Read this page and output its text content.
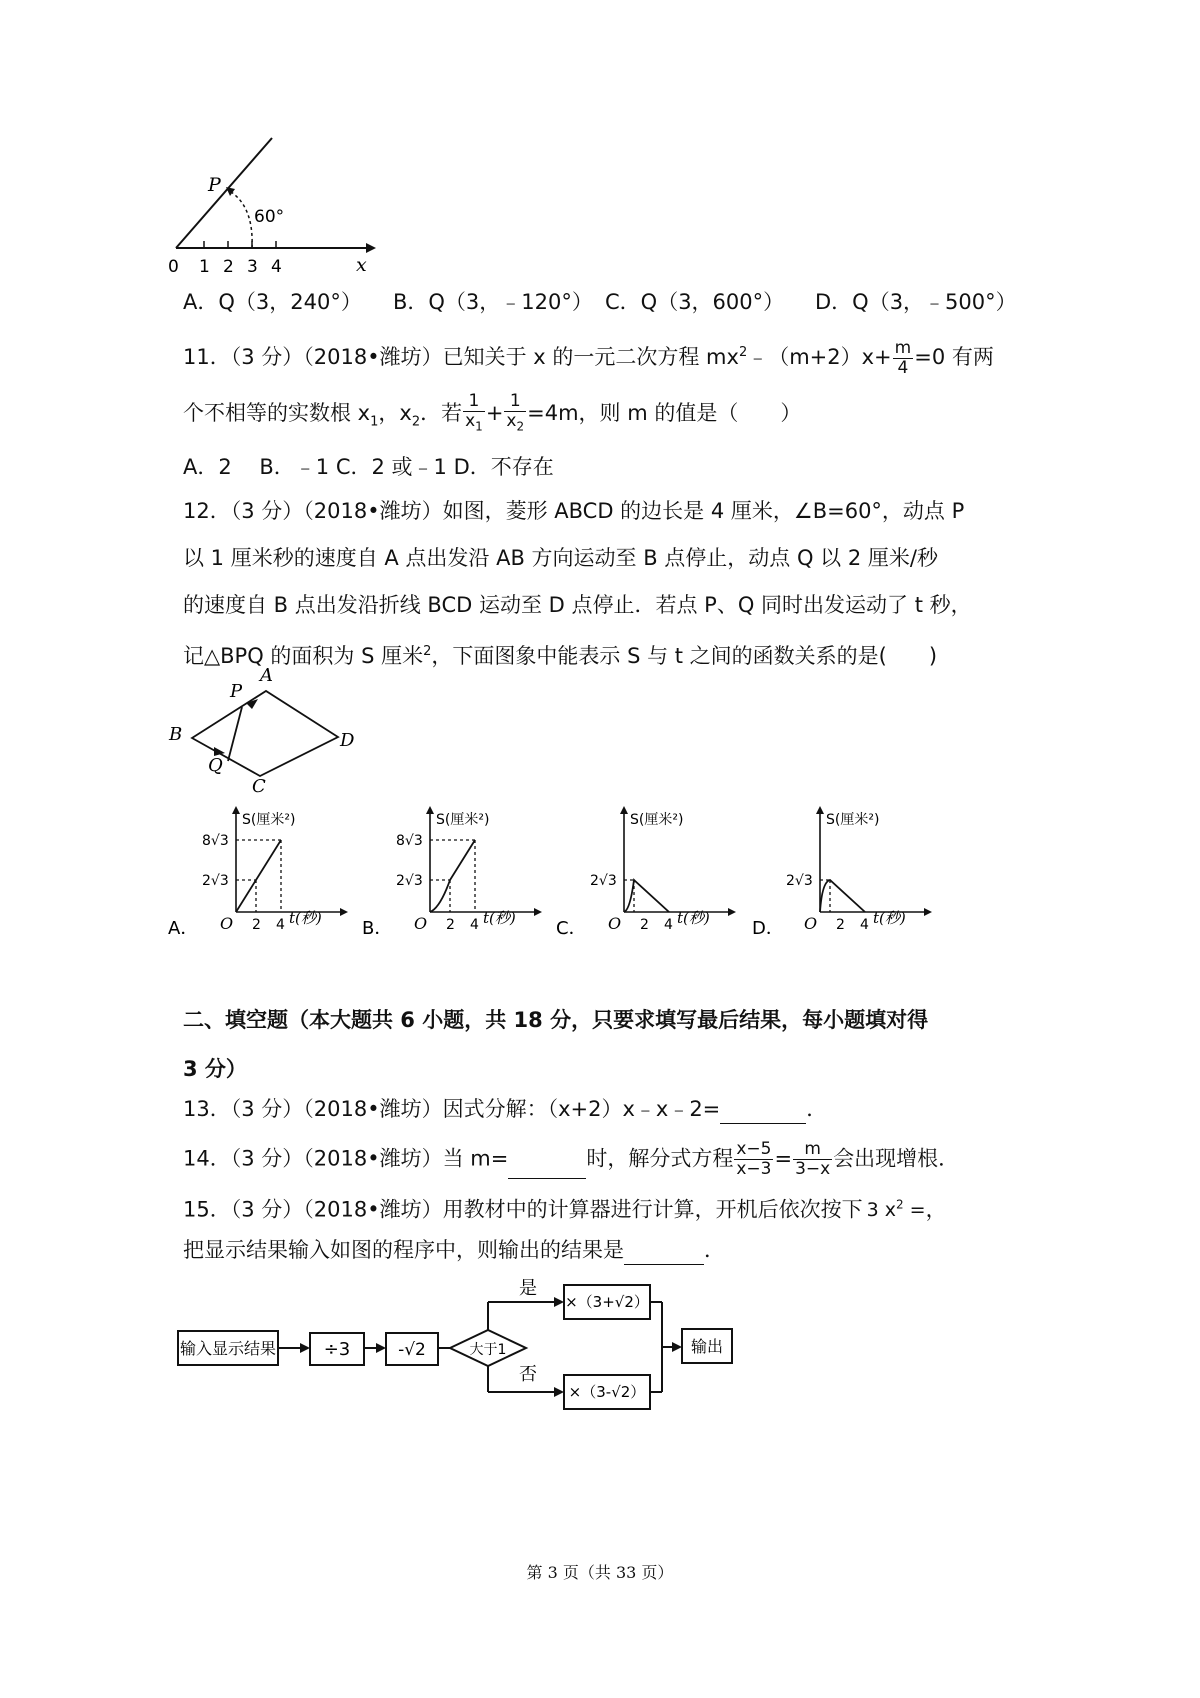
P
60°
x
0 1 2 3 4
A．Q（3，240°） B．Q（3，﹣120°） C．Q（3，600°） D．Q（3，﹣500°）
11．（3 分）（2018•潍坊）已知关于 x 的一元二次方程 $mx^2﹣(m+2)x+ \frac{m}{4} =0$ 有两
个不相等的实数根 $x_1$，$x_2$．若 $\frac{1}{x_1} + \frac{1}{x_2} =4m$，则 m 的值是（　　）
A．2　 B．﹣1 C．2 或﹣1 D．不存在
12．（3 分）（2018•潍坊）如图，菱形 ABCD 的边长是 4 厘米，∠B=60°，动点 P
以 1 厘米秒的速度自 A 点出发沿 AB 方向运动至 B 点停止，动点 Q 以 2 厘米/秒
的速度自 B 点出发沿折线 BCD 运动至 D 点停止．若点 P、Q 同时出发运动了 t 秒，
记△BPQ 的面积为 S 厘米$^2$，下面图象中能表示 S 与 t 之间的函数关系的是(　　)
A
B
C
D
P
Q
A．
S(厘米²)
t(秒)
O 2 4
2√3
8√3
B．
S(厘米²)
t(秒)
O 2 4
2√3
8√3
C．
S(厘米²)
t(秒)
O 2 4
2√3
D．
S(厘米²)
t(秒)
O 2 4
2√3
二、填空题（本大题共 6 小题，共 18 分，只要求填写最后结果，每小题填对得
3 分）
13．（3 分）（2018•潍坊）因式分解：（x+2）x﹣x﹣2=	．
14．（3 分）（2018•潍坊）当 m=	时，解分式方程 $\frac{x-5}{x-3} = \frac{m}{3-x}$ 会出现增根．
15．（3 分）（2018•潍坊）用教材中的计算器进行计算，开机后依次按下 3 $x^2$ =，
把显示结果输入如图的程序中，则输出的结果是	．
输入显示结果	÷3	-√2	大于1
是
否
×（3+√2）
×（3-√2）
输出
第 3 页（共 33 页）
